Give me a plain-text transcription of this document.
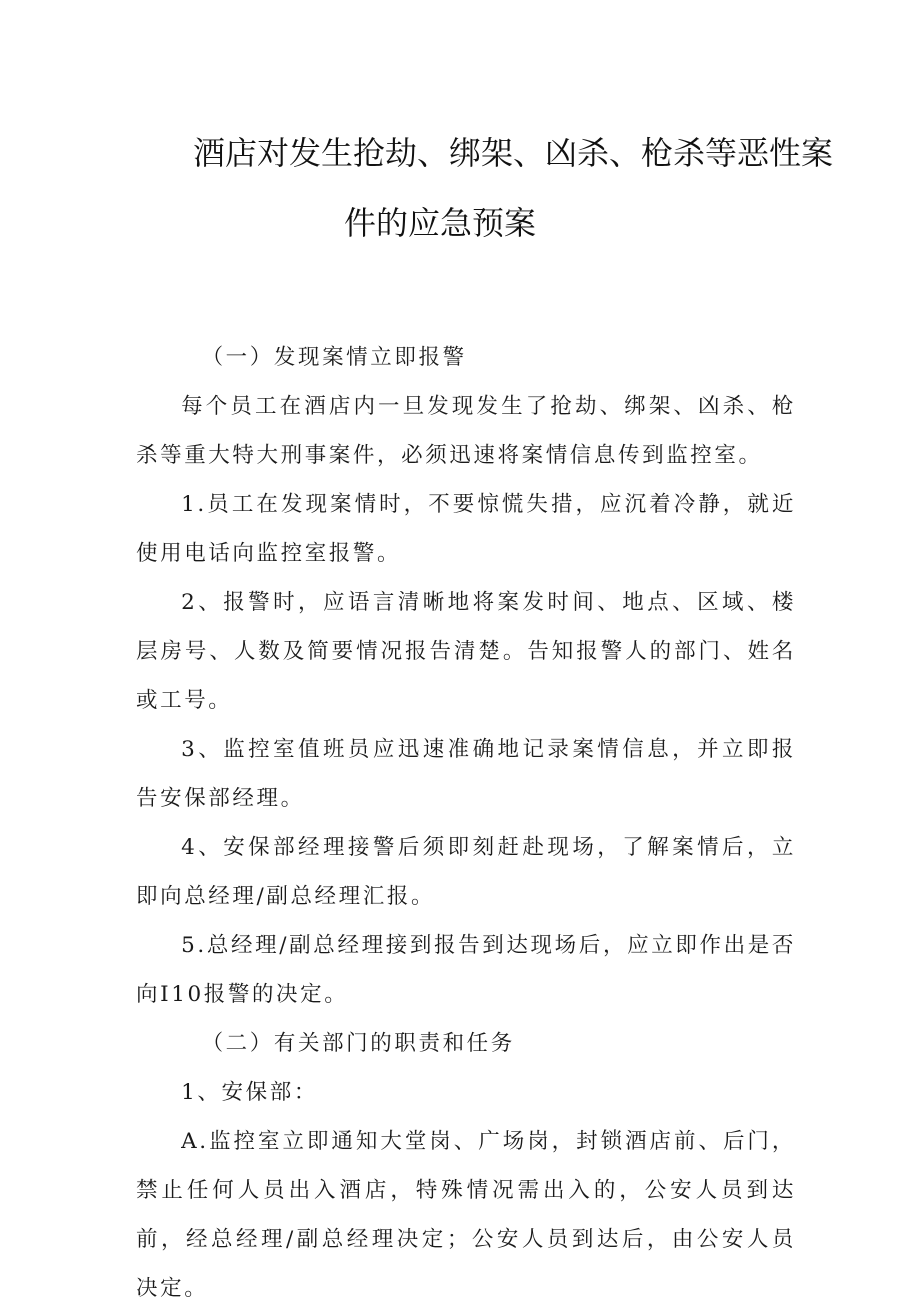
酒店对发生抢劫、绑架、凶杀、枪杀等恶性案
件的应急预案

（一）发现案情立即报警

每个员工在酒店内一旦发现发生了抢劫、绑架、凶杀、枪杀等重大特大刑事案件，必须迅速将案情信息传到监控室。

1.员工在发现案情时，不要惊慌失措，应沉着冷静，就近使用电话向监控室报警。

2、报警时，应语言清晰地将案发时间、地点、区域、楼层房号、人数及简要情况报告清楚。告知报警人的部门、姓名或工号。

3、监控室值班员应迅速准确地记录案情信息，并立即报告安保部经理。

4、安保部经理接警后须即刻赶赴现场，了解案情后，立即向总经理/副总经理汇报。

5.总经理/副总经理接到报告到达现场后，应立即作出是否向I10报警的决定。

（二）有关部门的职责和任务

1、安保部：

A.监控室立即通知大堂岗、广场岗，封锁酒店前、后门，禁止任何人员出入酒店，特殊情况需出入的，公安人员到达前，经总经理/副总经理决定；公安人员到达后，由公安人员决定。
